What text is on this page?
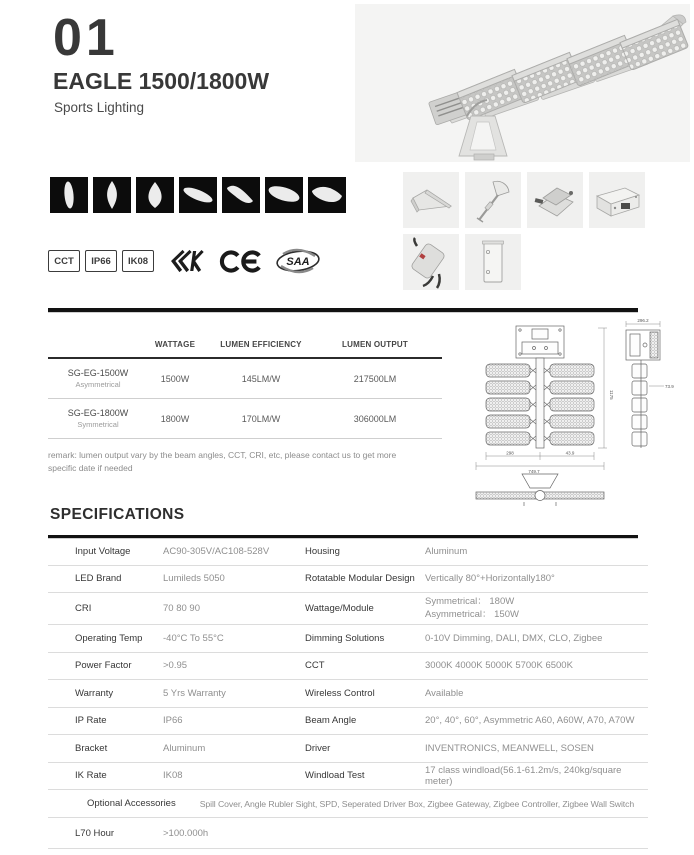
01
EAGLE 1500/1800W
Sports Lighting
CCT	IP66	IK08	SAA
WATTAGE	LUMEN EFFICIENCY	LUMEN OUTPUT
SG-EG-1500W
Asymmetrical
1500W	145LM/W	217500LM
SG-EG-1800W
Symmetrical
1800W	170LM/W	306000LM
remark: lumen output vary by the beam angles, CCT, CRI, etc, please contact us to get more specific date if needed
1175
749.7
298	43.9
296.2
73.9
SPECIFICATIONS
Input Voltage	AC90-305V/AC108-528V	Housing	Aluminum
LED Brand	Lumileds 5050	Rotatable Modular Design	Vertically 80°+Horizontally180°
CRI	70 80 90	Wattage/Module
Symmetrical： 180W
Asymmetrical： 150W
Operating Temp	-40°C To 55°C	Dimming Solutions	0-10V Dimming, DALI, DMX, CLO, Zigbee
Power Factor	>0.95	CCT	3000K 4000K 5000K 5700K 6500K
Warranty	5 Yrs Warranty	Wireless Control	Available
IP Rate	IP66	Beam Angle	20°, 40°, 60°, Asymmetric A60, A60W, A70, A70W
Bracket	Aluminum	Driver	INVENTRONICS, MEANWELL, SOSEN
IK Rate	IK08	Windload Test	17 class windload(56.1-61.2m/s, 240kg/square meter)
Optional Accessories	Spill Cover, Angle Rubler Sight, SPD, Seperated Driver Box, Zigbee Gateway, Zigbee Controller, Zigbee Wall Switch
L70 Hour	>100.000h
